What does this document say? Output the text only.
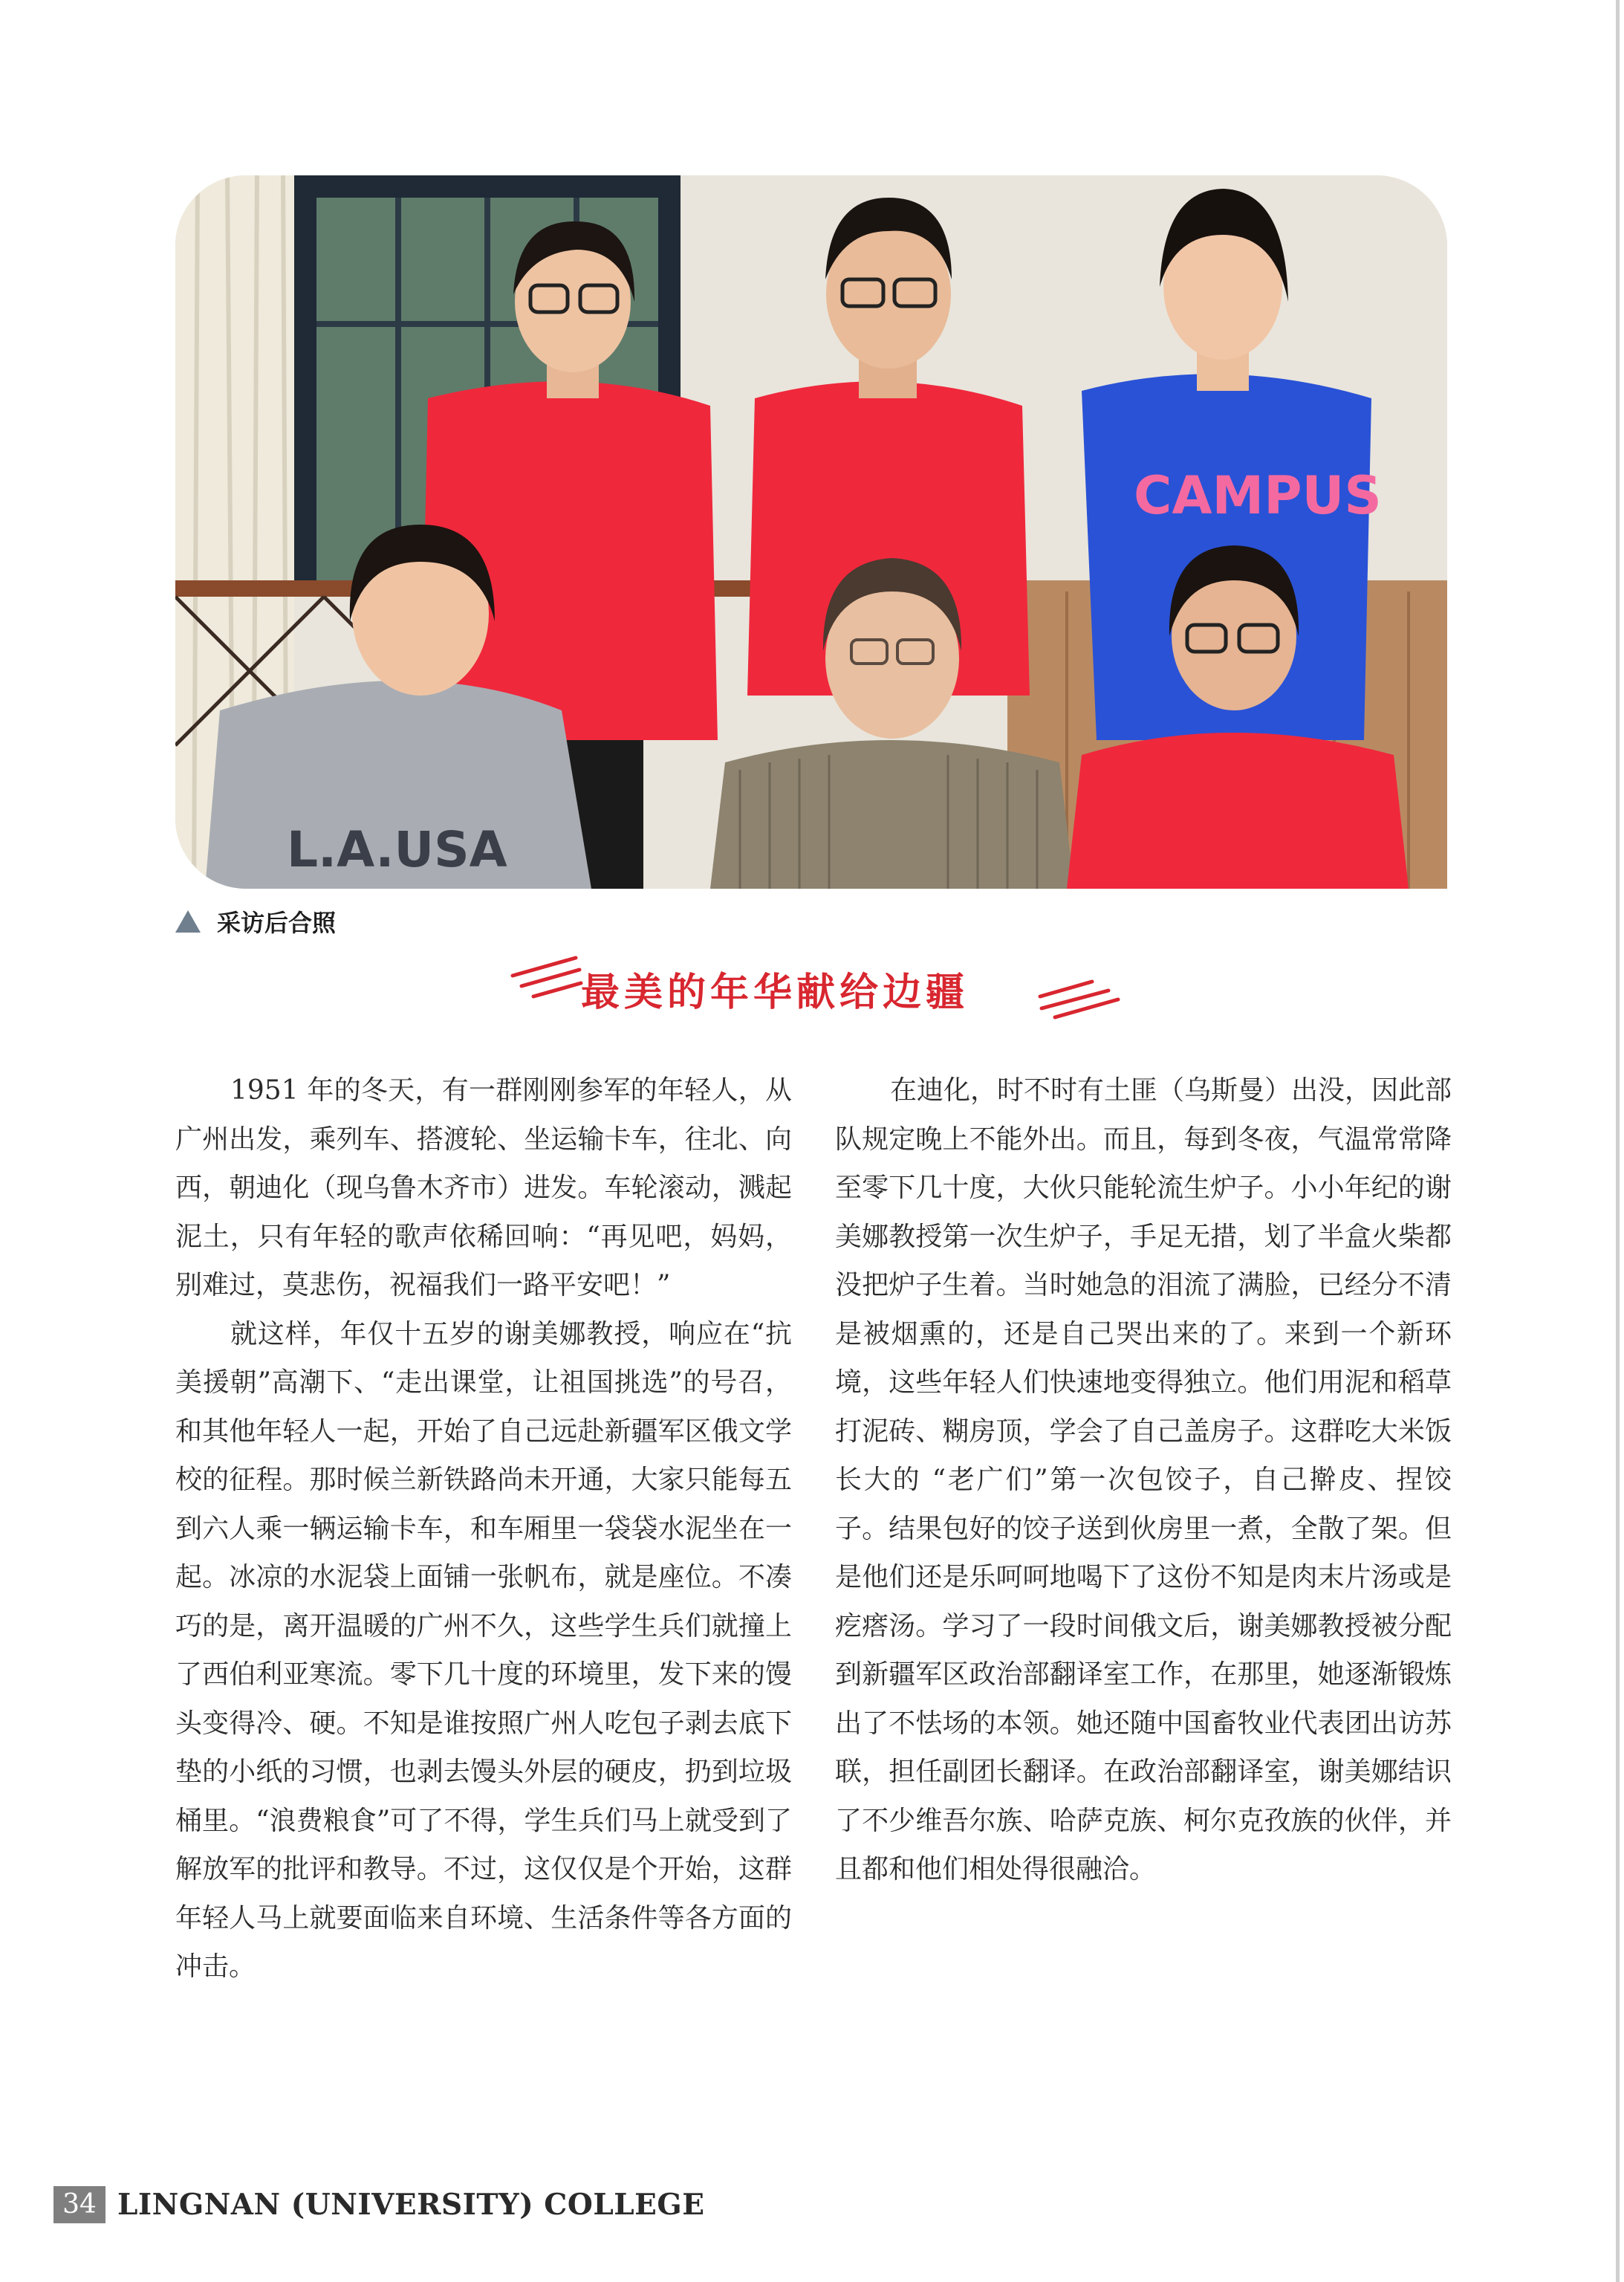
CAMPUS
L.A.USA
采访后合照
最美的年华献给边疆

1951 年的冬天，有一群刚刚参军的年轻人，从广州出发，乘列车、搭渡轮、坐运输卡车，往北、向西，朝迪化（现乌鲁木齐市）进发。车轮滚动，溅起泥土，只有年轻的歌声依稀回响：“再见吧，妈妈，别难过，莫悲伤，祝福我们一路平安吧！”

就这样，年仅十五岁的谢美娜教授，响应在“抗美援朝”高潮下、“走出课堂，让祖国挑选”的号召，和其他年轻人一起，开始了自己远赴新疆军区俄文学校的征程。那时候兰新铁路尚未开通，大家只能每五到六人乘一辆运输卡车，和车厢里一袋袋水泥坐在一起。冰凉的水泥袋上面铺一张帆布，就是座位。不凑巧的是，离开温暖的广州不久，这些学生兵们就撞上了西伯利亚寒流。零下几十度的环境里，发下来的馒头变得冷、硬。不知是谁按照广州人吃包子剥去底下垫的小纸的习惯，也剥去馒头外层的硬皮，扔到垃圾桶里。“浪费粮食”可了不得，学生兵们马上就受到了解放军的批评和教导。不过，这仅仅是个开始，这群年轻人马上就要面临来自环境、生活条件等各方面的冲击。

在迪化，时不时有土匪（乌斯曼）出没，因此部队规定晚上不能外出。而且，每到冬夜，气温常常降至零下几十度，大伙只能轮流生炉子。小小年纪的谢美娜教授第一次生炉子，手足无措，划了半盒火柴都没把炉子生着。当时她急的泪流了满脸，已经分不清是被烟熏的，还是自己哭出来的了。来到一个新环境，这些年轻人们快速地变得独立。他们用泥和稻草打泥砖、糊房顶，学会了自己盖房子。这群吃大米饭长大的 “老广们”第一次包饺子，自己擀皮、捏饺子。结果包好的饺子送到伙房里一煮，全散了架。但是他们还是乐呵呵地喝下了这份不知是肉末片汤或是疙瘩汤。学习了一段时间俄文后，谢美娜教授被分配到新疆军区政治部翻译室工作，在那里，她逐渐锻炼出了不怯场的本领。她还随中国畜牧业代表团出访苏联，担任副团长翻译。在政治部翻译室，谢美娜结识了不少维吾尔族、哈萨克族、柯尔克孜族的伙伴，并且都和他们相处得很融洽。

34 LINGNAN (UNIVERSITY) COLLEGE
